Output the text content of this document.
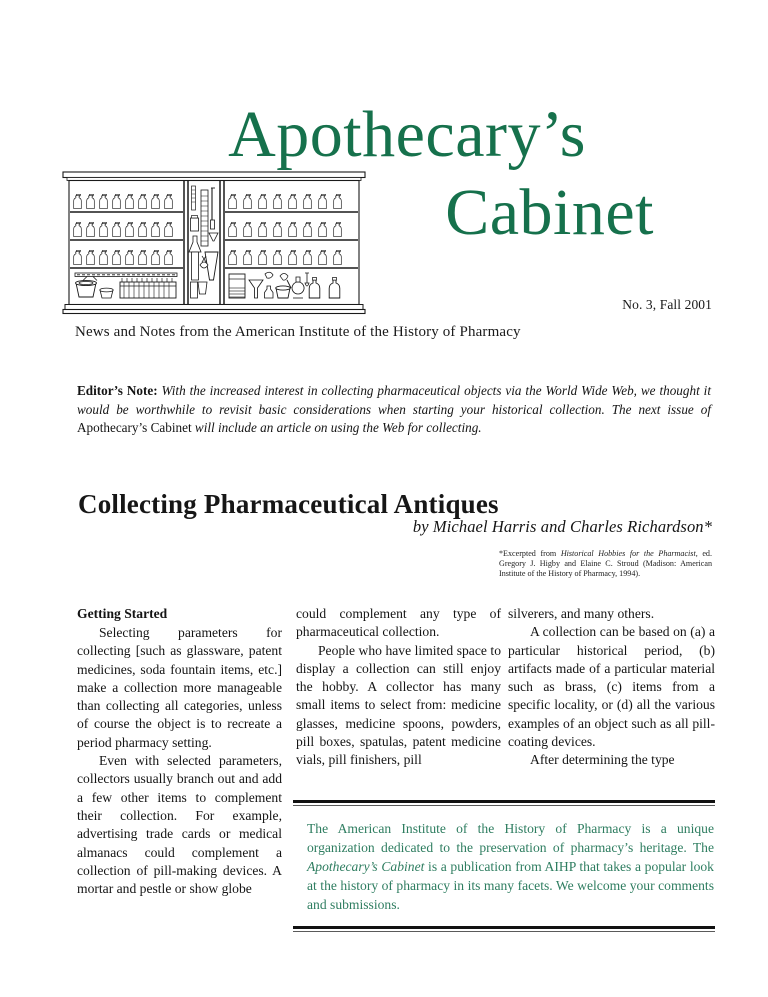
Apothecary’s
Cabinet
No. 3, Fall 2001
News and Notes from the American Institute of the History of Pharmacy
Editor’s Note: With the increased interest in collecting pharmaceutical objects via the World Wide Web, we thought it would be worthwhile to revisit basic considerations when starting your historical collection. The next issue of Apothecary’s Cabinet will include an article on using the Web for collecting.
Collecting Pharmaceutical Antiques
by Michael Harris and Charles Richardson*
*Excerpted from Historical Hobbies for the Pharmacist, ed. Gregory J. Higby and Elaine C. Stroud (Madison: American Institute of the History of Pharmacy, 1994).
Getting Started

Selecting parameters for collecting [such as glassware, patent medicines, soda fountain items, etc.] make a collection more manageable than collecting all categories, unless of course the object is to recreate a period pharmacy setting.

Even with selected parameters, collectors usually branch out and add a few other items to complement their collection. For example, advertising trade cards or medical almanacs could complement a collection of pill-making devices. A mortar and pestle or show globe

could complement any type of pharmaceutical collection.

People who have limited space to display a collection can still enjoy the hobby. A collector has many small items to select from: medicine glasses, medicine spoons, powders, pill boxes, spatulas, patent medicine vials, pill finishers, pill

silverers, and many others.

A collection can be based on (a) a particular historical period, (b) artifacts made of a particular material such as brass, (c) items from a specific locality, or (d) all the various examples of an object such as all pill-coating devices.

After determining the type

The American Institute of the History of Pharmacy is a unique organization dedicated to the preservation of pharmacy’s heritage. The Apothecary’s Cabinet is a publication from AIHP that takes a popular look at the history of pharmacy in its many facets. We welcome your comments and submissions.
